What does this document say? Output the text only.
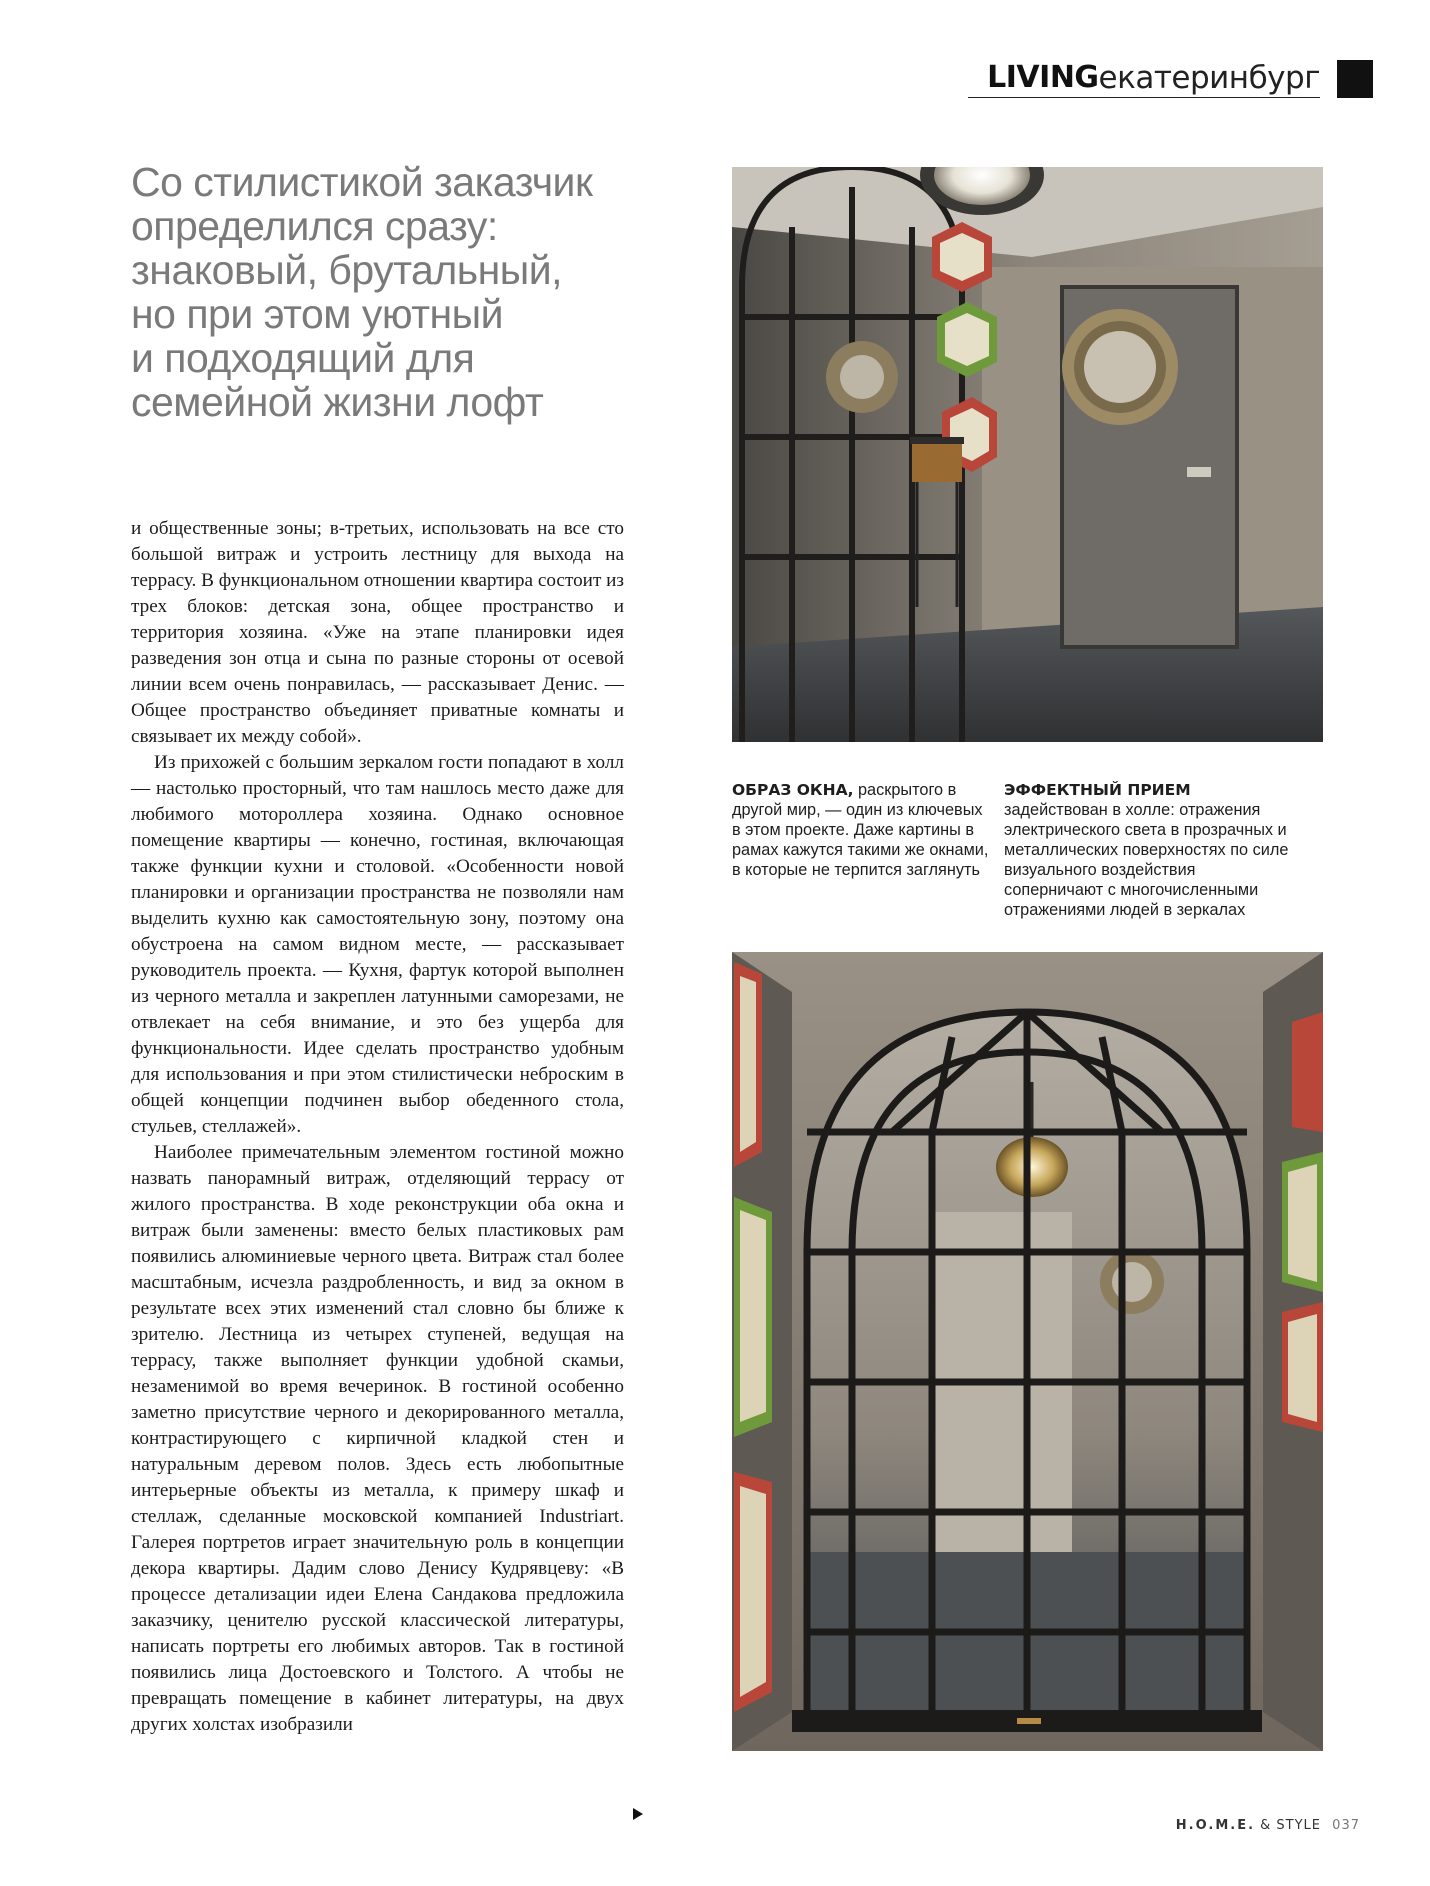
LIVING екатеринбург
Со стилистикой заказчик
определился сразу:
знаковый, брутальный,
но при этом уютный
и подходящий для
семейной жизни лофт

и общественные зоны; в-третьих, использовать на все сто большой витраж и устроить лестницу для выхода на террасу. В функциональном отношении квартира состоит из трех блоков: детская зона, общее пространство и территория хозяина. «Уже на этапе планировки идея разведения зон отца и сына по разные стороны от осевой линии всем очень понравилась, — рассказывает Денис. — Общее пространство объединяет приватные комнаты и связывает их между собой».

Из прихожей с большим зеркалом гости попадают в холл — настолько просторный, что там нашлось место даже для любимого мотороллера хозяина. Однако основное помещение квартиры — конечно, гостиная, включающая также функции кухни и столовой. «Особенности новой планировки и организации пространства не позволяли нам выделить кухню как самостоятельную зону, поэтому она обустроена на самом видном месте, — рассказывает руководитель проекта. — Кухня, фартук которой выполнен из черного металла и закреплен латунными саморезами, не отвлекает на себя внимание, и это без ущерба для функциональности. Идее сделать пространство удобным для использования и при этом стилистически неброским в общей концепции подчинен выбор обеденного стола, стульев, стеллажей».

Наиболее примечательным элементом гостиной можно назвать панорамный витраж, отделяющий террасу от жилого пространства. В ходе реконструкции оба окна и витраж были заменены: вместо белых пластиковых рам появились алюминиевые черного цвета. Витраж стал более масштабным, исчезла раздробленность, и вид за окном в результате всех этих изменений стал словно бы ближе к зрителю. Лестница из четырех ступеней, ведущая на террасу, также выполняет функции удобной скамьи, незаменимой во время вечеринок. В гостиной особенно заметно присутствие черного и декорированного металла, контрастирующего с кирпичной кладкой стен и натуральным деревом полов. Здесь есть любопытные интерьерные объекты из металла, к примеру шкаф и стеллаж, сделанные московской компанией Industriart. Галерея портретов играет значительную роль в концепции декора квартиры. Дадим слово Денису Кудрявцеву: «В процессе детализации идеи Елена Сандакова предложила заказчику, ценителю русской классической литературы, написать портреты его любимых авторов. Так в гостиной появились лица Достоевского и Толстого. А чтобы не превращать помещение в кабинет литературы, на двух других холстах изобразили

ОБРАЗ ОКНА, раскрытого в другой мир, — один из ключевых в этом проекте. Даже картины в рамах кажутся такими же окнами, в которые не терпится заглянуть
ЭФФЕКТНЫЙ ПРИЕМ задействован в холле: отражения электрического света в прозрачных и металлических поверхностях по силе визуального воздействия соперничают с многочисленными отражениями людей в зеркалах
H.O.M.E. & STYLE 037
